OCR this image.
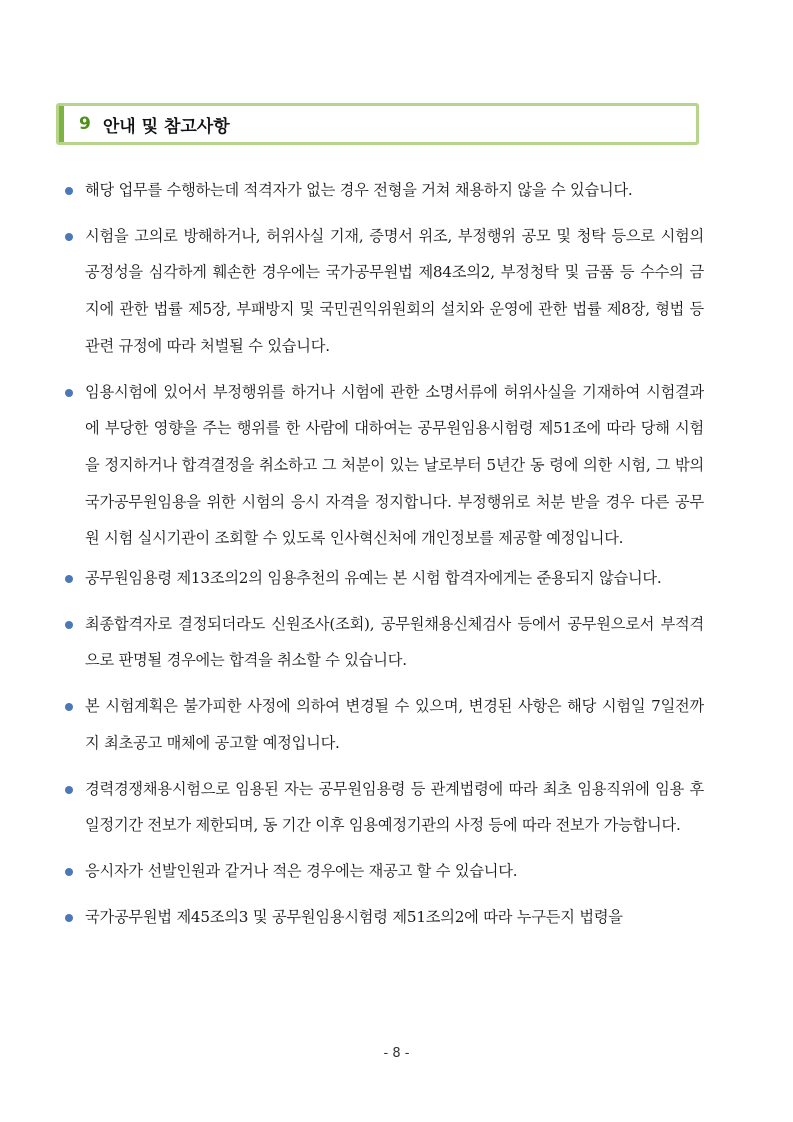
9 안내 및 참고사항
해당 업무를 수행하는데 적격자가 없는 경우 전형을 거쳐 채용하지 않을 수 있습니다.
시험을 고의로 방해하거나, 허위사실 기재, 증명서 위조, 부정행위 공모 및 청탁 등으로 시험의 공정성을 심각하게 훼손한 경우에는 국가공무원법 제84조의2, 부정청탁 및 금품 등 수수의 금지에 관한 법률 제5장, 부패방지 및 국민권익위원회의 설치와 운영에 관한 법률 제8장, 형법 등 관련 규정에 따라 처벌될 수 있습니다.
임용시험에 있어서 부정행위를 하거나 시험에 관한 소명서류에 허위사실을 기재하여 시험결과에 부당한 영향을 주는 행위를 한 사람에 대하여는 공무원임용시험령 제51조에 따라 당해 시험을 정지하거나 합격결정을 취소하고 그 처분이 있는 날로부터 5년간 동 령에 의한 시험, 그 밖의 국가공무원임용을 위한 시험의 응시 자격을 정지합니다. 부정행위로 처분 받을 경우 다른 공무원 시험 실시기관이 조회할 수 있도록 인사혁신처에 개인정보를 제공할 예정입니다.
공무원임용령 제13조의2의 임용추천의 유예는 본 시험 합격자에게는 준용되지 않습니다.
최종합격자로 결정되더라도 신원조사(조회), 공무원채용신체검사 등에서 공무원으로서 부적격으로 판명될 경우에는 합격을 취소할 수 있습니다.
본 시험계획은 불가피한 사정에 의하여 변경될 수 있으며, 변경된 사항은 해당 시험일 7일전까지 최초공고 매체에 공고할 예정입니다.
경력경쟁채용시험으로 임용된 자는 공무원임용령 등 관계법령에 따라 최초 임용직위에 임용 후 일정기간 전보가 제한되며, 동 기간 이후 임용예정기관의 사정 등에 따라 전보가 가능합니다.
응시자가 선발인원과 같거나 적은 경우에는 재공고 할 수 있습니다.
국가공무원법 제45조의3 및 공무원임용시험령 제51조의2에 따라 누구든지 법령을
- 8 -
